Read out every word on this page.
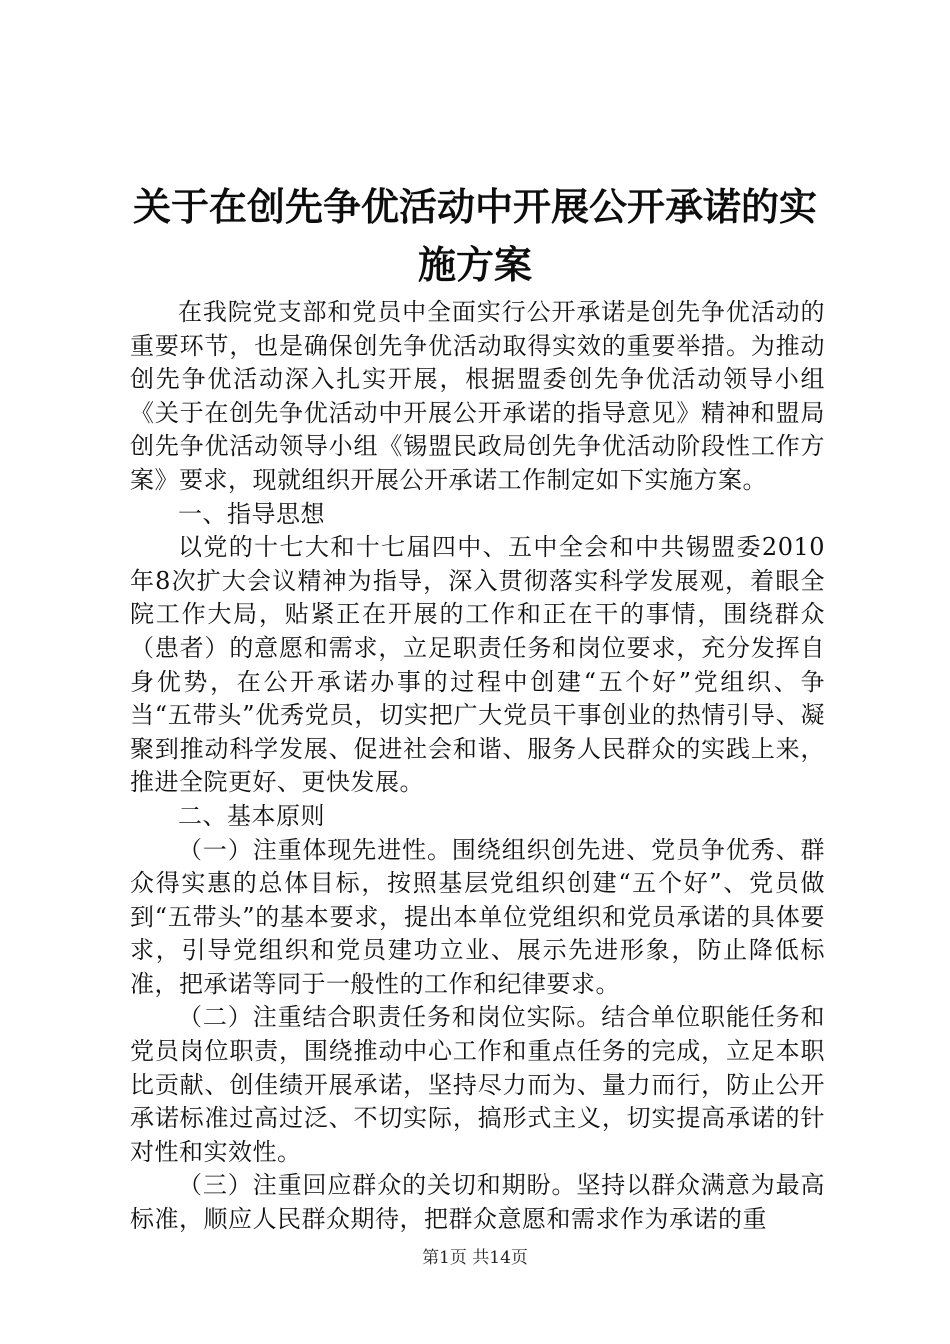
关于在创先争优活动中开展公开承诺的实施方案

在我院党支部和党员中全面实行公开承诺是创先争优活动的重要环节，也是确保创先争优活动取得实效的重要举措。为推动创先争优活动深入扎实开展，根据盟委创先争优活动领导小组《关于在创先争优活动中开展公开承诺的指导意见》精神和盟局创先争优活动领导小组《锡盟民政局创先争优活动阶段性工作方案》要求，现就组织开展公开承诺工作制定如下实施方案。

一、指导思想

以党的十七大和十七届四中、五中全会和中共锡盟委2010年8次扩大会议精神为指导，深入贯彻落实科学发展观，着眼全院工作大局，贴紧正在开展的工作和正在干的事情，围绕群众（患者）的意愿和需求，立足职责任务和岗位要求，充分发挥自身优势，在公开承诺办事的过程中创建“五个好”党组织、争当“五带头”优秀党员，切实把广大党员干事创业的热情引导、凝聚到推动科学发展、促进社会和谐、服务人民群众的实践上来，推进全院更好、更快发展。

二、基本原则

（一）注重体现先进性。围绕组织创先进、党员争优秀、群众得实惠的总体目标，按照基层党组织创建“五个好”、党员做到“五带头”的基本要求，提出本单位党组织和党员承诺的具体要求，引导党组织和党员建功立业、展示先进形象，防止降低标准，把承诺等同于一般性的工作和纪律要求。

（二）注重结合职责任务和岗位实际。结合单位职能任务和党员岗位职责，围绕推动中心工作和重点任务的完成，立足本职比贡献、创佳绩开展承诺，坚持尽力而为、量力而行，防止公开承诺标准过高过泛、不切实际，搞形式主义，切实提高承诺的针对性和实效性。

（三）注重回应群众的关切和期盼。坚持以群众满意为最高标准，顺应人民群众期待，把群众意愿和需求作为承诺的重

第1页 共14页
